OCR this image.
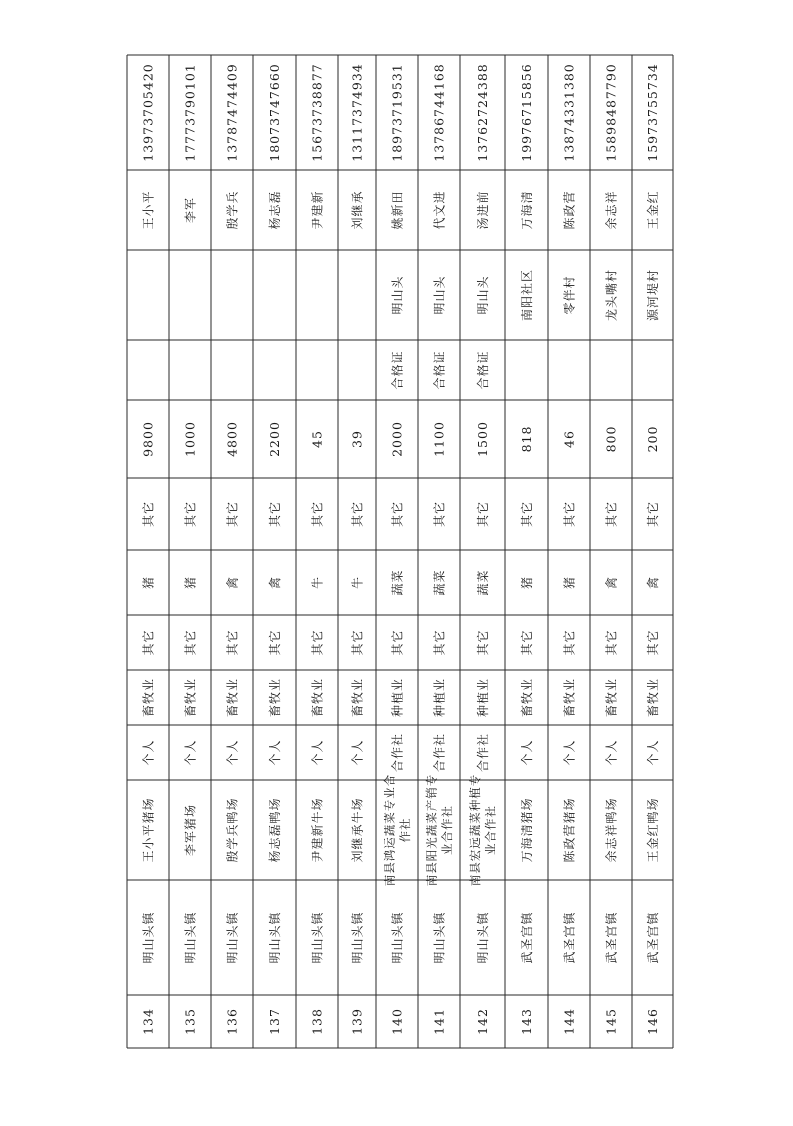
13973705420
王小平
9800
其它
猪
其它
畜牧业
个人
王小平猪场
明山头镇
134
17773790101
李军
1000
其它
猪
其它
畜牧业
个人
李军猪场
明山头镇
135
13787474409
殷学兵
4800
其它
禽
其它
畜牧业
个人
殷学兵鸭场
明山头镇
136
18073747660
杨志磊
2200
其它
禽
其它
畜牧业
个人
杨志磊鸭场
明山头镇
137
15673738877
尹建新
45
其它
牛
其它
畜牧业
个人
尹建新牛场
明山头镇
138
13117374934
刘继承
39
其它
牛
其它
畜牧业
个人
刘继承牛场
明山头镇
139
18973719531
姚新田
明山头
合格证
2000
其它
蔬菜
其它
种植业
合作社
南县鸿运蔬菜专业合 作社
明山头镇
140
13786744168
代文进
明山头
合格证
1100
其它
蔬菜
其它
种植业
合作社
南县阳光蔬菜产销专 业合作社
明山头镇
141
13762724388
汤进前
明山头
合格证
1500
其它
蔬菜
其它
种植业
合作社
南县宏远蔬菜种植专 业合作社
明山头镇
142
19976715856
万海清
南阳社区
818
其它
猪
其它
畜牧业
个人
万海清猪场
武圣宫镇
143
13874331380
陈政营
零伴村
46
其它
猪
其它
畜牧业
个人
陈政营猪场
武圣宫镇
144
15898487790
余志祥
龙头嘴村
800
其它
禽
其它
畜牧业
个人
余志祥鸭场
武圣宫镇
145
15973755734
王金红
源河堤村
200
其它
禽
其它
畜牧业
个人
王金红鸭场
武圣宫镇
146
